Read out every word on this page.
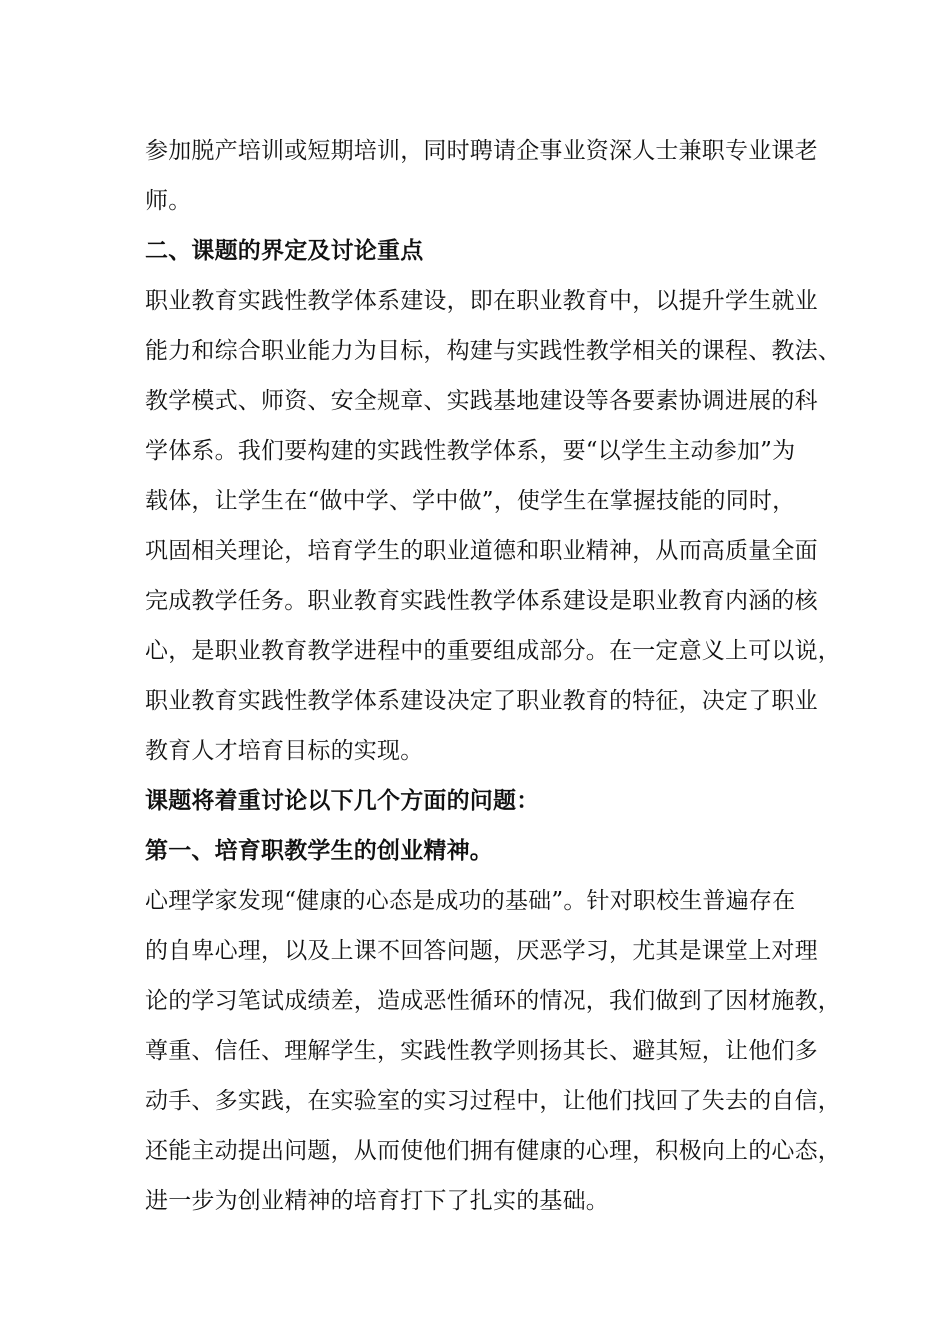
参加脱产培训或短期培训，同时聘请企事业资深人士兼职专业课老
师。
二、课题的界定及讨论重点
职业教育实践性教学体系建设，即在职业教育中，以提升学生就业
能力和综合职业能力为目标，构建与实践性教学相关的课程、教法、
教学模式、师资、安全规章、实践基地建设等各要素协调进展的科
学体系。我们要构建的实践性教学体系，要“以学生主动参加”为
载体，让学生在“做中学、学中做”，使学生在掌握技能的同时，
巩固相关理论，培育学生的职业道德和职业精神，从而高质量全面
完成教学任务。职业教育实践性教学体系建设是职业教育内涵的核
心，是职业教育教学进程中的重要组成部分。在一定意义上可以说，
职业教育实践性教学体系建设决定了职业教育的特征，决定了职业
教育人才培育目标的实现。
课题将着重讨论以下几个方面的问题：
第一、培育职教学生的创业精神。
心理学家发现“健康的心态是成功的基础”。针对职校生普遍存在
的自卑心理，以及上课不回答问题，厌恶学习，尤其是课堂上对理
论的学习笔试成绩差，造成恶性循环的情况，我们做到了因材施教，
尊重、信任、理解学生，实践性教学则扬其长、避其短，让他们多
动手、多实践，在实验室的实习过程中，让他们找回了失去的自信，
还能主动提出问题，从而使他们拥有健康的心理，积极向上的心态，
进一步为创业精神的培育打下了扎实的基础。
